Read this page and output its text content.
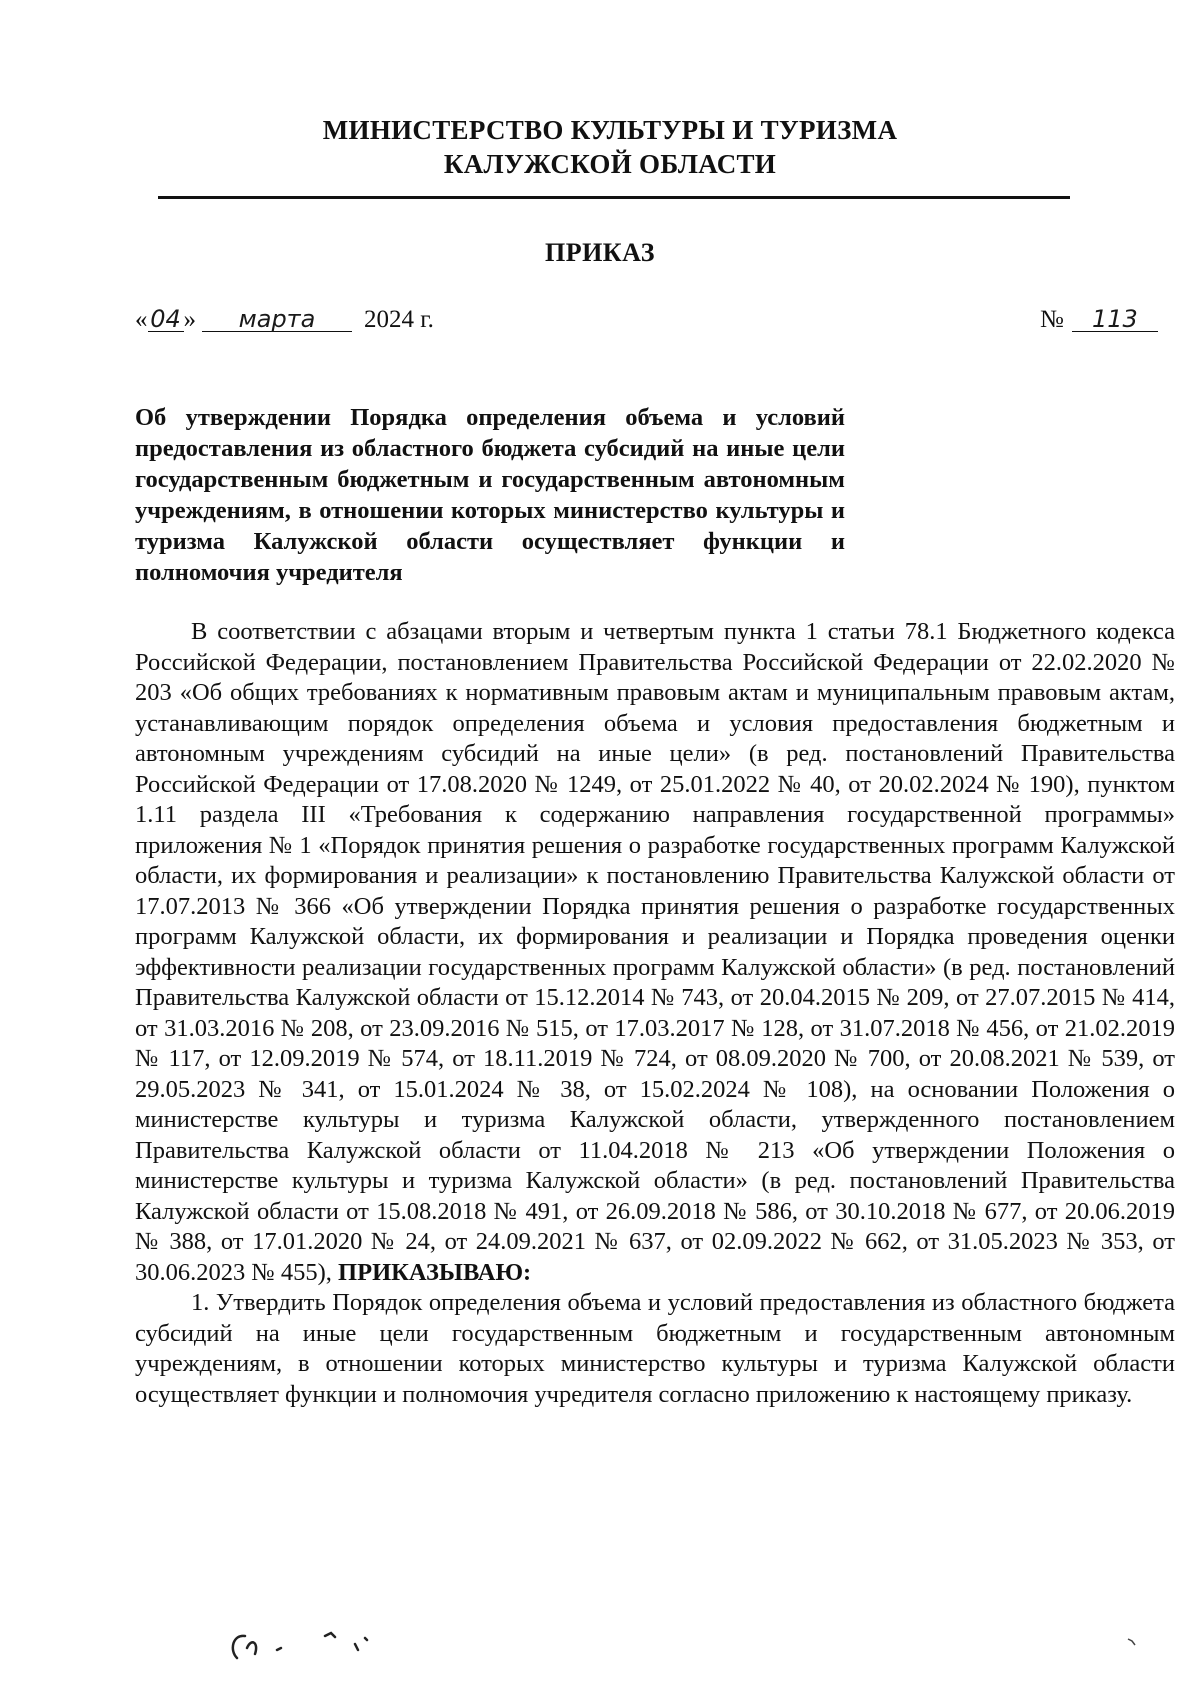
МИНИСТЕРСТВО КУЛЬТУРЫ И ТУРИЗМА
КАЛУЖСКОЙ ОБЛАСТИ
ПРИКАЗ
« 04 » марта 2024 г.	№ 113
Об утверждении Порядка определения объема и условий предоставления из областного бюджета субсидий на иные цели государственным бюджетным и государственным автономным учреждениям, в отношении которых министерство культуры и туризма Калужской области осуществляет функции и полномочия учредителя

В соответствии с абзацами вторым и четвертым пункта 1 статьи 78.1 Бюджетного кодекса Российской Федерации, постановлением Правительства Российской Федерации от 22.02.2020 № 203 «Об общих требованиях к нормативным правовым актам и муниципальным правовым актам, устанавливающим порядок определения объема и условия предоставления бюджетным и автономным учреждениям субсидий на иные цели» (в ред. постановлений Правительства Российской Федерации от 17.08.2020 № 1249, от 25.01.2022 № 40, от 20.02.2024 № 190), пунктом 1.11 раздела III «Требования к содержанию направления государственной программы» приложения № 1 «Порядок принятия решения о разработке государственных программ Калужской области, их формирования и реализации» к постановлению Правительства Калужской области от 17.07.2013 № 366 «Об утверждении Порядка принятия решения о разработке государственных программ Калужской области, их формирования и реализации и Порядка проведения оценки эффективности реализации государственных программ Калужской области» (в ред. постановлений Правительства Калужской области от 15.12.2014 № 743, от 20.04.2015 № 209, от 27.07.2015 № 414, от 31.03.2016 № 208, от 23.09.2016 № 515, от 17.03.2017 № 128, от 31.07.2018 № 456, от 21.02.2019 № 117, от 12.09.2019 № 574, от 18.11.2019 № 724, от 08.09.2020 № 700, от 20.08.2021 № 539, от 29.05.2023 № 341, от 15.01.2024 № 38, от 15.02.2024 № 108), на основании Положения о министерстве культуры и туризма Калужской области, утвержденного постановлением Правительства Калужской области от 11.04.2018 № 213 «Об утверждении Положения о министерстве культуры и туризма Калужской области» (в ред. постановлений Правительства Калужской области от 15.08.2018 № 491, от 26.09.2018 № 586, от 30.10.2018 № 677, от 20.06.2019 № 388, от 17.01.2020 № 24, от 24.09.2021 № 637, от 02.09.2022 № 662, от 31.05.2023 № 353, от 30.06.2023 № 455), ПРИКАЗЫВАЮ:

1. Утвердить Порядок определения объема и условий предоставления из областного бюджета субсидий на иные цели государственным бюджетным и государственным автономным учреждениям, в отношении которых министерство культуры и туризма Калужской области осуществляет функции и полномочия учредителя согласно приложению к настоящему приказу.
